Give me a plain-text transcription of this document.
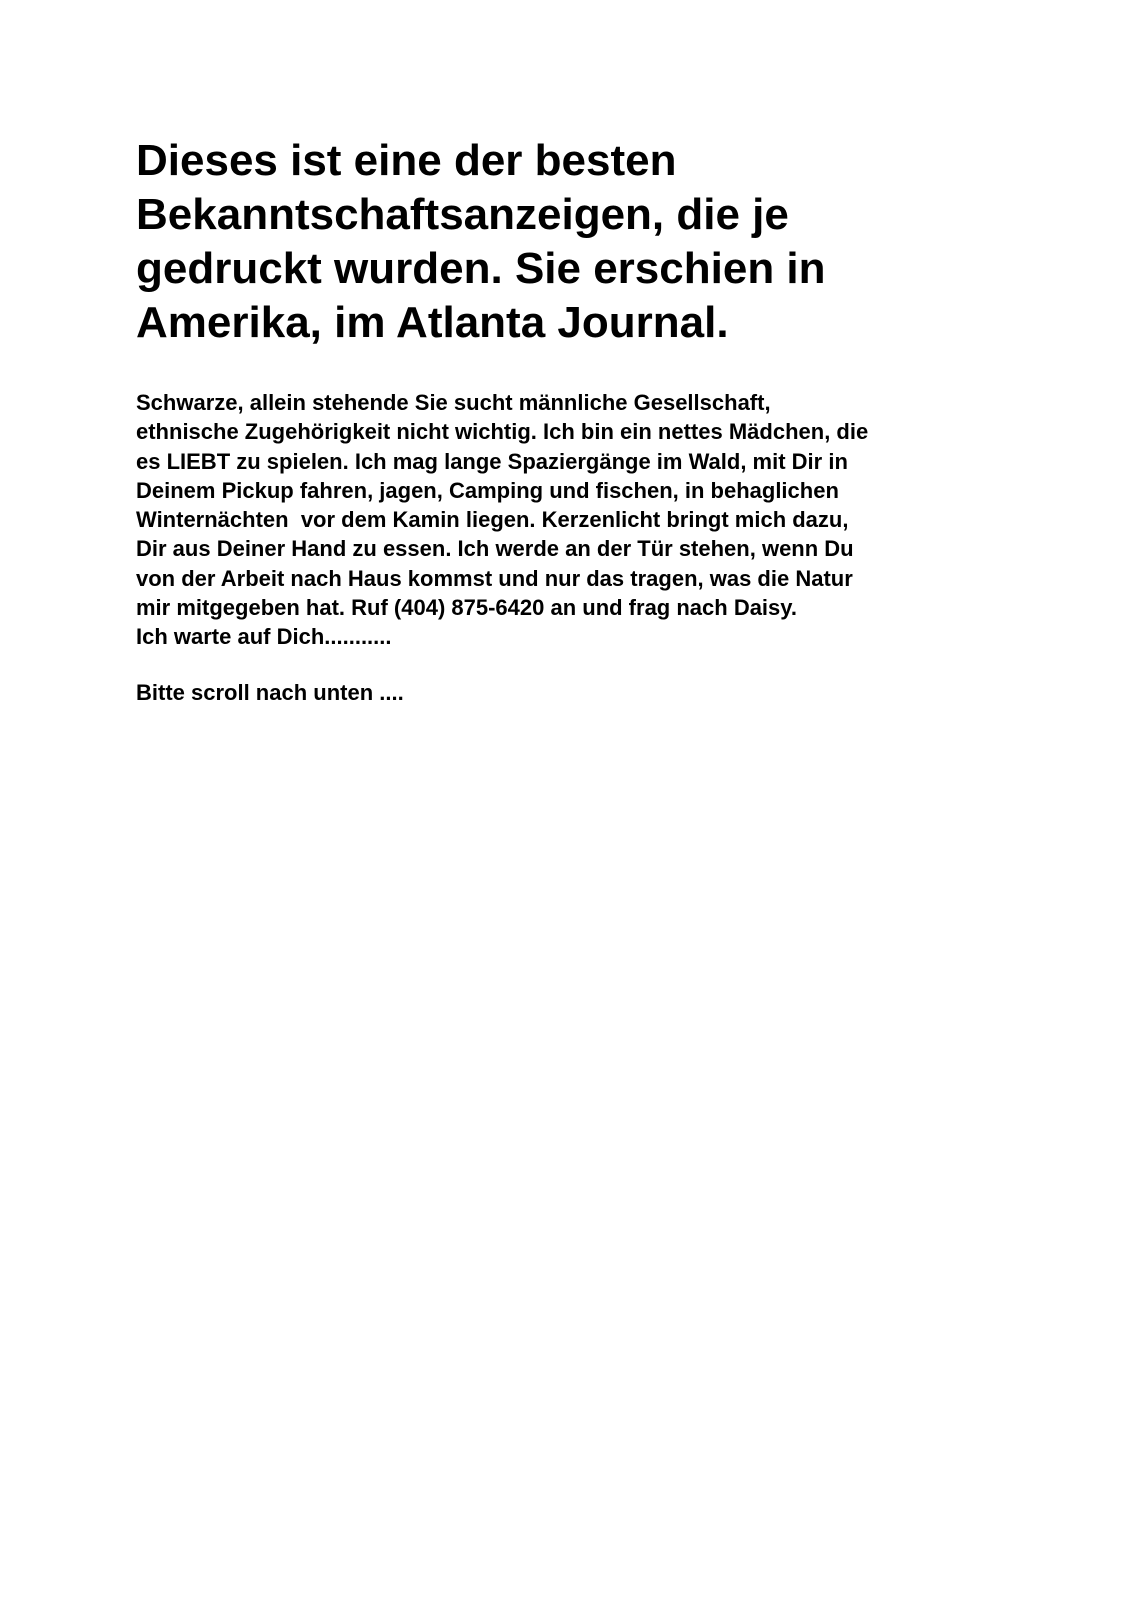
Dieses ist eine der besten
Bekanntschaftsanzeigen, die je
gedruckt wurden. Sie erschien in
Amerika, im Atlanta Journal.

Schwarze, allein stehende Sie sucht männliche Gesellschaft,
ethnische Zugehörigkeit nicht wichtig. Ich bin ein nettes Mädchen, die
es LIEBT zu spielen. Ich mag lange Spaziergänge im Wald, mit Dir in
Deinem Pickup fahren, jagen, Camping und fischen, in behaglichen
Winternächten  vor dem Kamin liegen. Kerzenlicht bringt mich dazu,
Dir aus Deiner Hand zu essen. Ich werde an der Tür stehen, wenn Du
von der Arbeit nach Haus kommst und nur das tragen, was die Natur
mir mitgegeben hat. Ruf (404) 875-6420 an und frag nach Daisy.
Ich warte auf Dich...........

Bitte scroll nach unten ....
